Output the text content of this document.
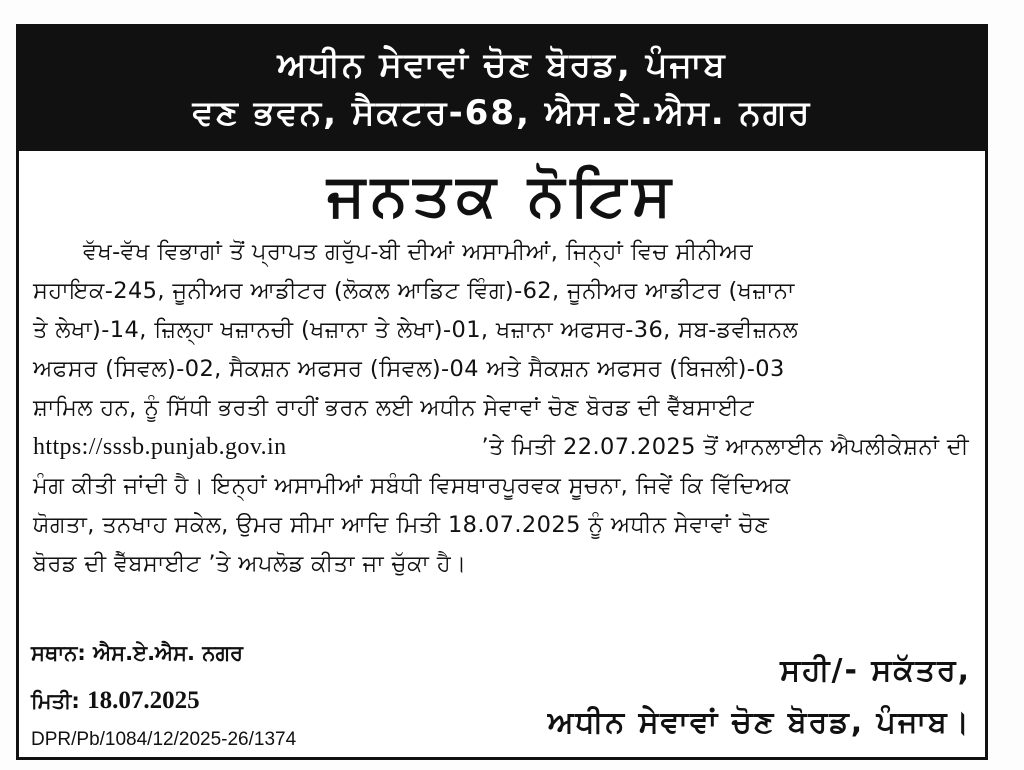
ਅਧੀਨ ਸੇਵਾਵਾਂ ਚੋਣ ਬੋਰਡ, ਪੰਜਾਬ
ਵਣ ਭਵਨ, ਸੈਕਟਰ-68, ਐਸ.ਏ.ਐਸ. ਨਗਰ
ਜਨਤਕ ਨੋਟਿਸ
ਵੱਖ-ਵੱਖ ਵਿਭਾਗਾਂ ਤੋਂ ਪ੍ਰਾਪਤ ਗਰੁੱਪ-ਬੀ ਦੀਆਂ ਅਸਾਮੀਆਂ, ਜਿਨ੍ਹਾਂ ਵਿਚ ਸੀਨੀਅਰ
ਸਹਾਇਕ-245, ਜੂਨੀਅਰ ਆਡੀਟਰ (ਲੋਕਲ ਆਡਿਟ ਵਿੰਗ)-62, ਜੂਨੀਅਰ ਆਡੀਟਰ (ਖਜ਼ਾਨਾ
ਤੇ ਲੇਖਾ)-14, ਜ਼ਿਲ੍ਹਾ ਖਜ਼ਾਨਚੀ (ਖਜ਼ਾਨਾ ਤੇ ਲੇਖਾ)-01, ਖਜ਼ਾਨਾ ਅਫਸਰ-36, ਸਬ-ਡਵੀਜ਼ਨਲ
ਅਫਸਰ (ਸਿਵਲ)-02, ਸੈਕਸ਼ਨ ਅਫਸਰ (ਸਿਵਲ)-04 ਅਤੇ ਸੈਕਸ਼ਨ ਅਫਸਰ (ਬਿਜਲੀ)-03
ਸ਼ਾਮਿਲ ਹਨ, ਨੂੰ ਸਿੱਧੀ ਭਰਤੀ ਰਾਹੀਂ ਭਰਨ ਲਈ ਅਧੀਨ ਸੇਵਾਵਾਂ ਚੋਣ ਬੋਰਡ ਦੀ ਵੈੱਬਸਾਈਟ
https://sssb.punjab.gov.in	’ਤੇ ਮਿਤੀ 22.07.2025 ਤੋਂ ਆਨਲਾਈਨ ਐਪਲੀਕੇਸ਼ਨਾਂ ਦੀ
ਮੰਗ ਕੀਤੀ ਜਾਂਦੀ ਹੈ। ਇਨ੍ਹਾਂ ਅਸਾਮੀਆਂ ਸਬੰਧੀ ਵਿਸਥਾਰਪੂਰਵਕ ਸੂਚਨਾ, ਜਿਵੇਂ ਕਿ ਵਿੱਦਿਅਕ
ਯੋਗਤਾ, ਤਨਖਾਹ ਸਕੇਲ, ਉਮਰ ਸੀਮਾ ਆਦਿ ਮਿਤੀ 18.07.2025 ਨੂੰ ਅਧੀਨ ਸੇਵਾਵਾਂ ਚੋਣ
ਬੋਰਡ ਦੀ ਵੈੱਬਸਾਈਟ ’ਤੇ ਅਪਲੋਡ ਕੀਤਾ ਜਾ ਚੁੱਕਾ ਹੈ।
ਸਥਾਨ: ਐਸ.ਏ.ਐਸ. ਨਗਰ
ਮਿਤੀ: 18.07.2025
DPR/Pb/1084/12/2025-26/1374
ਸਹੀ/- ਸਕੱਤਰ,
ਅਧੀਨ ਸੇਵਾਵਾਂ ਚੋਣ ਬੋਰਡ, ਪੰਜਾਬ।
